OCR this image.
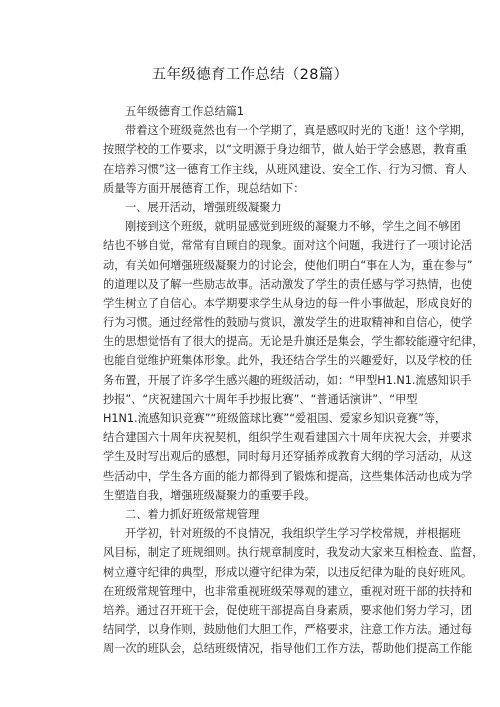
五年级德育工作总结（28篇）
五年级德育工作总结篇1
带着这个班级竟然也有一个学期了，真是感叹时光的飞逝！这个学期，
按照学校的工作要求，以“文明源于身边细节，做人始于学会感恩，教育重
在培养习惯”这一德育工作主线，从班风建设、安全工作、行为习惯、育人
质量等方面开展德育工作，现总结如下：
一、展开活动，增强班级凝聚力
刚接到这个班级，就明显感觉到班级的凝聚力不够，学生之间不够团
结也不够自觉，常常有自顾自的现象。面对这个问题，我进行了一项讨论活
动，有关如何增强班级凝聚力的讨论会，使他们明白“事在人为，重在参与”
的道理以及了解一些励志故事。活动激发了学生的责任感与学习热情，也使
学生树立了自信心。本学期要求学生从身边的每一件小事做起，形成良好的
行为习惯。通过经常性的鼓励与赏识，激发学生的进取精神和自信心，使学
生的思想觉悟有了很大的提高。无论是升旗还是集会，学生都较能遵守纪律，
也能自觉维护班集体形象。此外，我还结合学生的兴趣爱好，以及学校的任
务布置，开展了许多学生感兴趣的班级活动，如：“甲型H1.N1.流感知识手
抄报”、“庆祝建国六十周年手抄报比赛”、“普通话演讲”、“甲型
H1N1.流感知识竞赛”“班级篮球比赛”“爱祖国、爱家乡知识竞赛”等，
结合建国六十周年庆祝契机，组织学生观看建国六十周年庆祝大会，并要求
学生及时写出观后的感想，同时每月还穿插养成教育大纲的学习活动，从这
些活动中，学生各方面的能力都得到了锻炼和提高，这些集体活动也成为学
生塑造自我，增强班级凝聚力的重要手段。
二、着力抓好班级常规管理
开学初，针对班级的不良情况，我组织学生学习学校常规，并根据班
风目标，制定了班规细则。执行规章制度时，我发动大家来互相检查、监督，
树立遵守纪律的典型，形成以遵守纪律为荣，以违反纪律为耻的良好班风。
在班级常规管理中，也非常重视班级荣辱观的建立，重视对班干部的扶持和
培养。通过召开班干会，促使班干部提高自身素质，要求他们努力学习，团
结同学，以身作则，鼓励他们大胆工作，严格要求，注意工作方法。通过每
周一次的班队会，总结班级情况，指导他们工作方法，帮助他们提高工作能
